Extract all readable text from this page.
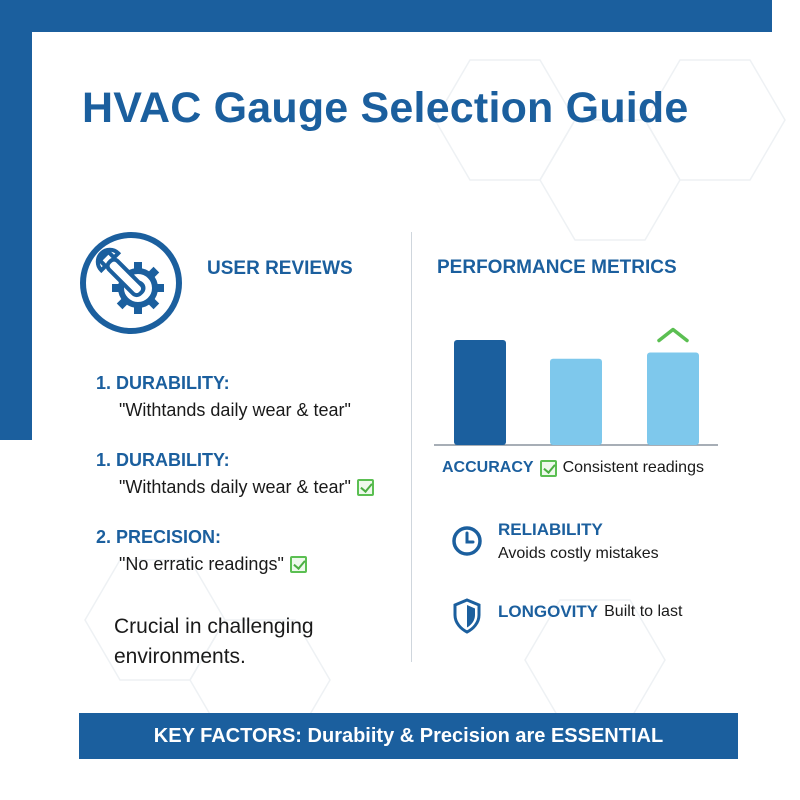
HVAC Gauge Selection Guide
USER REVIEWS
1. DURABILITY:
"Withtands daily wear & tear"
1. DURABILITY:
"Withtands daily wear & tear"
2. PRECISION:
"No erratic readings"
Crucial in challenging environments.
PERFORMANCE METRICS
ACCURACY Consistent readings
RELIABILITY
Avoids costly mistakes
LONGOVITY Built to last
KEY FACTORS: Durabiity & Precision are ESSENTIAL
